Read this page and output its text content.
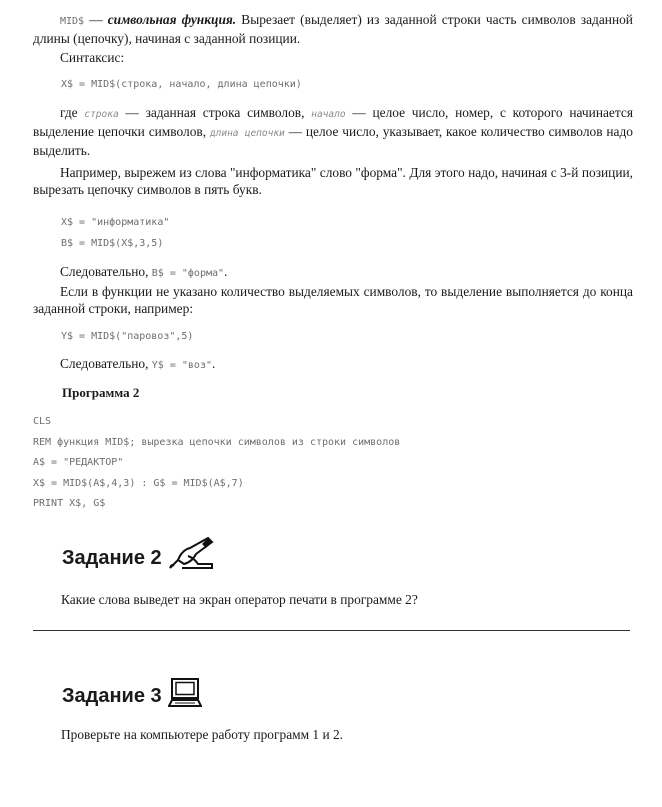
MID$ — символьная функция. Вырезает (выделяет) из заданной строки часть символов заданной длины (цепочку), начиная с заданной позиции.

Синтаксис:

X$ = MID$(строка, начало, длина цепочки)

где строка — заданная строка символов, начало — целое число, номер, с которого начинается выделение цепочки символов, длина цепочки — целое число, указывает, какое количество символов надо выделить.

Например, вырежем из слова "информатика" слово "форма". Для этого надо, начиная с 3-й позиции, вырезать цепочку символов в пять букв.

X$ = "информатика"
B$ = MID$(X$,3,5)

Следовательно, B$ = "форма".

Если в функции не указано количество выделяемых символов, то выделение выполняется до конца заданной строки, например:

Y$ = MID$("паровоз",5)

Следовательно, Y$ = "воз".

Программа 2
CLS
REM функция MID$; вырезка цепочки символов из строки символов
A$ = "РЕДАКТОР"
X$ = MID$(A$,4,3) : G$ = MID$(A$,7)
PRINT X$, G$
Задание 2

Какие слова выведет на экран оператор печати в программе 2?

Задание 3

Проверьте на компьютере работу программ 1 и 2.
